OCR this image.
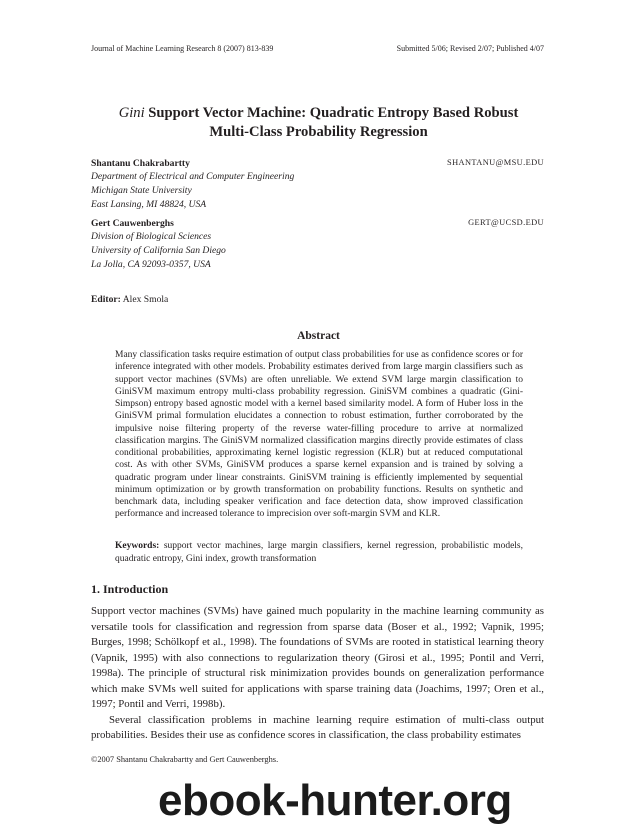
Journal of Machine Learning Research 8 (2007) 813-839	Submitted 5/06; Revised 2/07; Published 4/07
Gini Support Vector Machine: Quadratic Entropy Based Robust
Multi-Class Probability Regression
Shantanu Chakrabartty	SHANTANU@MSU.EDU
Department of Electrical and Computer Engineering
Michigan State University
East Lansing, MI 48824, USA
Gert Cauwenberghs	GERT@UCSD.EDU
Division of Biological Sciences
University of California San Diego
La Jolla, CA 92093-0357, USA
Editor: Alex Smola
Abstract

Many classification tasks require estimation of output class probabilities for use as confidence scores or for inference integrated with other models. Probability estimates derived from large margin classifiers such as support vector machines (SVMs) are often unreliable. We extend SVM large margin classification to GiniSVM maximum entropy multi-class probability regression. GiniSVM combines a quadratic (Gini-Simpson) entropy based agnostic model with a kernel based similarity model. A form of Huber loss in the GiniSVM primal formulation elucidates a connection to robust estimation, further corroborated by the impulsive noise filtering property of the reverse water-filling procedure to arrive at normalized classification margins. The GiniSVM normalized classification margins directly provide estimates of class conditional probabilities, approximating kernel logistic regression (KLR) but at reduced computational cost. As with other SVMs, GiniSVM produces a sparse kernel expansion and is trained by solving a quadratic program under linear constraints. GiniSVM training is efficiently implemented by sequential minimum optimization or by growth transformation on probability functions. Results on synthetic and benchmark data, including speaker verification and face detection data, show improved classification performance and increased tolerance to imprecision over soft-margin SVM and KLR.

Keywords: support vector machines, large margin classifiers, kernel regression, probabilistic models, quadratic entropy, Gini index, growth transformation
1. Introduction

Support vector machines (SVMs) have gained much popularity in the machine learning community as versatile tools for classification and regression from sparse data (Boser et al., 1992; Vapnik, 1995; Burges, 1998; Schölkopf et al., 1998). The foundations of SVMs are rooted in statistical learning theory (Vapnik, 1995) with also connections to regularization theory (Girosi et al., 1995; Pontil and Verri, 1998a). The principle of structural risk minimization provides bounds on generalization performance which make SVMs well suited for applications with sparse training data (Joachims, 1997; Oren et al., 1997; Pontil and Verri, 1998b).

Several classification problems in machine learning require estimation of multi-class output probabilities. Besides their use as confidence scores in classification, the class probability estimates

©2007 Shantanu Chakrabartty and Gert Cauwenberghs.
ebook-hunter.org
